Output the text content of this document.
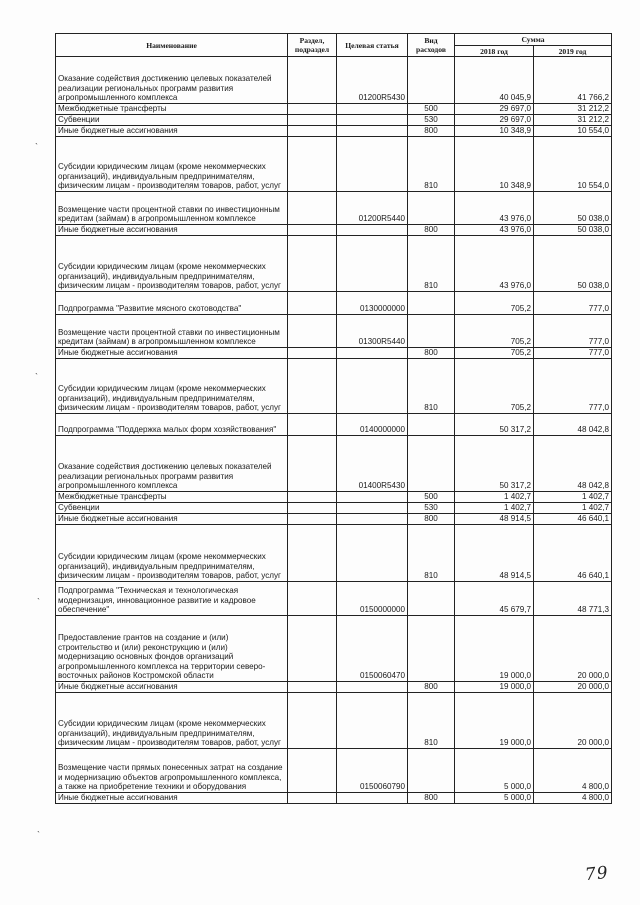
`
`
`
`
Наименование	Раздел, подраздел	Целевая статья	Вид расходов	Сумма	
				2018 год	2019 год
Оказание содействия достижению целевых показателей реализации региональных программ развития агропромышленного комплекса		01200R5430		40 045,9	41 766,2
Межбюджетные трансферты			500	29 697,0	31 212,2
Субвенции			530	29 697,0	31 212,2
Иные бюджетные ассигнования			800	10 348,9	10 554,0
Субсидии юридическим лицам (кроме некоммерческих организаций), индивидуальным предпринимателям, физическим лицам - производителям товаров, работ, услуг			810	10 348,9	10 554,0
Возмещение части процентной ставки по инвестиционным кредитам (займам) в агропромышленном комплексе		01200R5440		43 976,0	50 038,0
Иные бюджетные ассигнования			800	43 976,0	50 038,0
Субсидии юридическим лицам (кроме некоммерческих организаций), индивидуальным предпринимателям, физическим лицам - производителям товаров, работ, услуг			810	43 976,0	50 038,0
Подпрограмма "Развитие мясного скотоводства"		0130000000		705,2	777,0
Возмещение части процентной ставки по инвестиционным кредитам (займам) в агропромышленном комплексе		01300R5440		705,2	777,0
Иные бюджетные ассигнования			800	705,2	777,0
Субсидии юридическим лицам (кроме некоммерческих организаций), индивидуальным предпринимателям, физическим лицам - производителям товаров, работ, услуг			810	705,2	777,0
Подпрограмма "Поддержка малых форм хозяйствования"		0140000000		50 317,2	48 042,8
Оказание содействия достижению целевых показателей реализации региональных программ развития агропромышленного комплекса		01400R5430		50 317,2	48 042,8
Межбюджетные трансферты			500	1 402,7	1 402,7
Субвенции			530	1 402,7	1 402,7
Иные бюджетные ассигнования			800	48 914,5	46 640,1
Субсидии юридическим лицам (кроме некоммерческих организаций), индивидуальным предпринимателям, физическим лицам - производителям товаров, работ, услуг			810	48 914,5	46 640,1
Подпрограмма "Техническая и технологическая модернизация, инновационное развитие и кадровое обеспечение"		0150000000		45 679,7	48 771,3
Предоставление грантов на создание и (или) строительство и (или) реконструкцию и (или) модернизацию основных фондов организаций агропромышленного комплекса на территории северо-восточных районов Костромской области		0150060470		19 000,0	20 000,0
Иные бюджетные ассигнования			800	19 000,0	20 000,0
Субсидии юридическим лицам (кроме некоммерческих организаций), индивидуальным предпринимателям, физическим лицам - производителям товаров, работ, услуг			810	19 000,0	20 000,0
Возмещение части прямых понесенных затрат на создание и модернизацию объектов агропромышленного комплекса, а также на приобретение техники и оборудования		0150060790		5 000,0	4 800,0
Иные бюджетные ассигнования			800	5 000,0	4 800,0
79
